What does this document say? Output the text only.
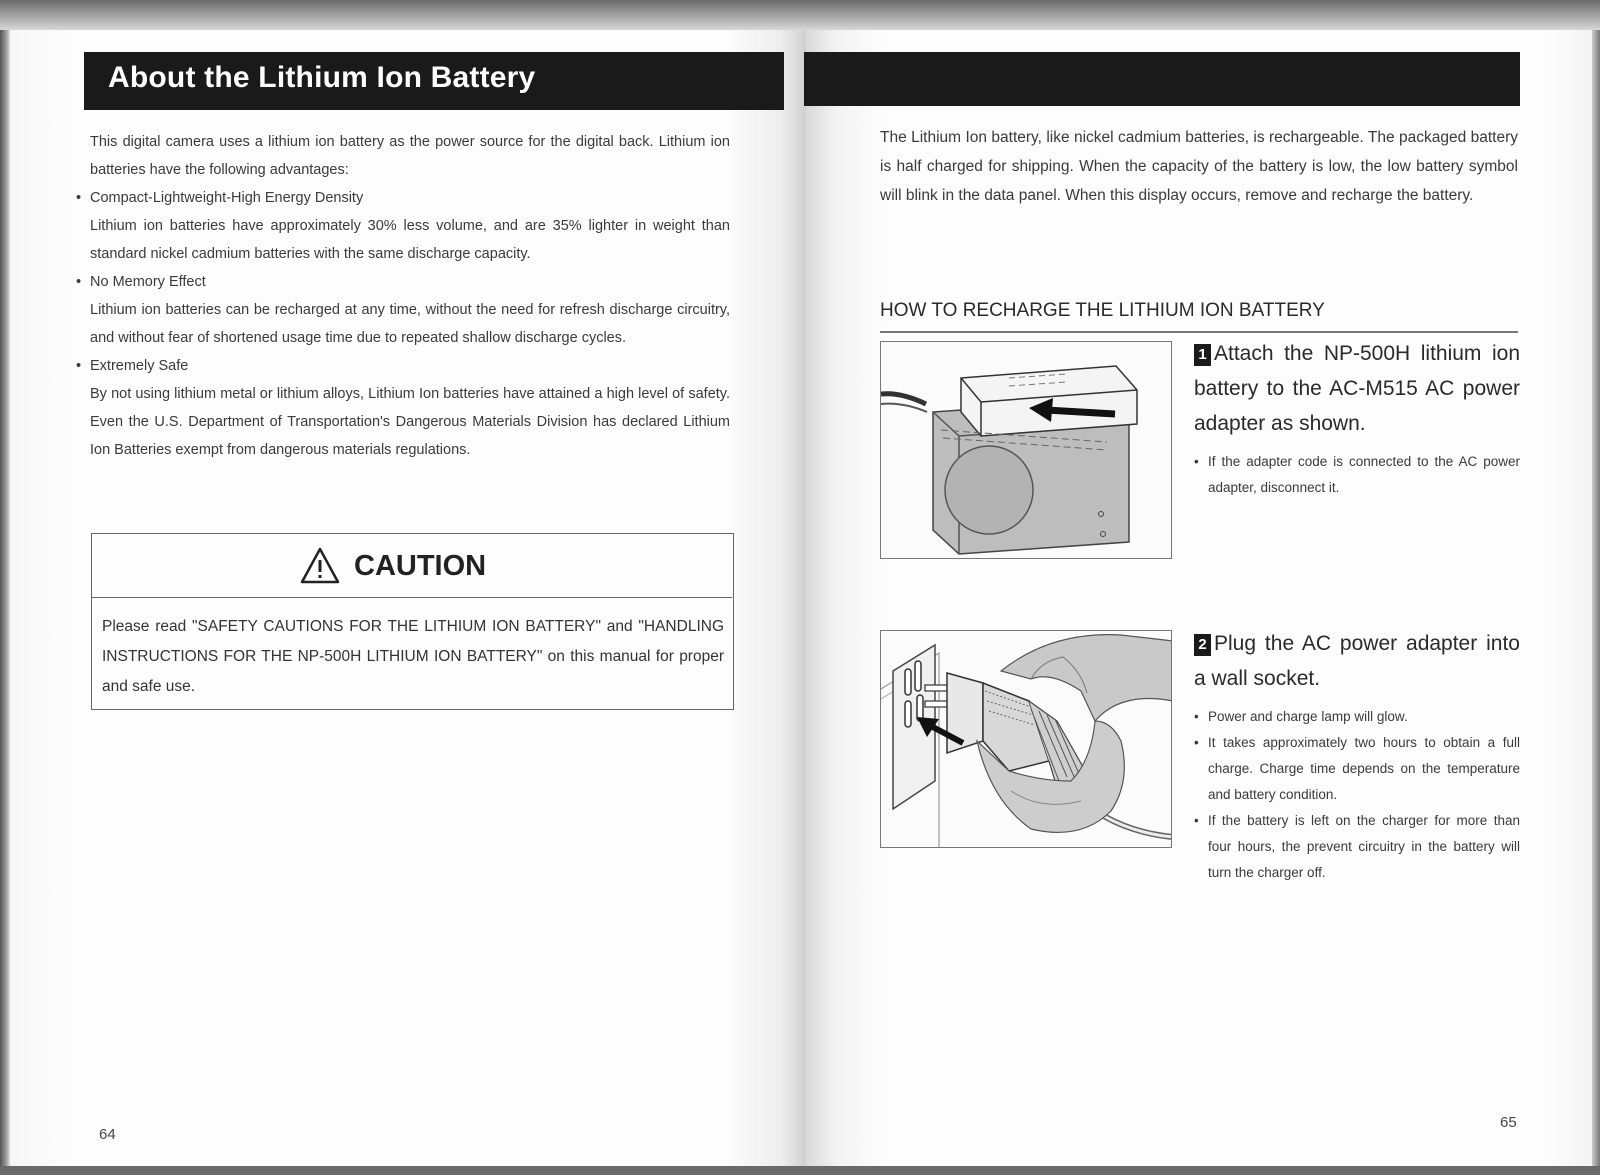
About the Lithium Ion Battery

This digital camera uses a lithium ion battery as the power source for the digital back. Lithium ion batteries have the following advantages:

• Compact-Lightweight-High Energy Density

Lithium ion batteries have approximately 30% less volume, and are 35% lighter in weight than standard nickel cadmium batteries with the same discharge capacity.

• No Memory Effect

Lithium ion batteries can be recharged at any time, without the need for refresh discharge circuitry, and without fear of shortened usage time due to repeated shallow discharge cycles.

• Extremely Safe

By not using lithium metal or lithium alloys, Lithium Ion batteries have attained a high level of safety. Even the U.S. Department of Transportation's Dangerous Materials Division has declared Lithium Ion Batteries exempt from dangerous materials regulations.

CAUTION
Please read "SAFETY CAUTIONS FOR THE LITHIUM ION BATTERY" and "HANDLING INSTRUCTIONS FOR THE NP-500H LITHIUM ION BATTERY" on this manual for proper and safe use.
64
The Lithium Ion battery, like nickel cadmium batteries, is rechargeable. The packaged battery is half charged for shipping. When the capacity of the battery is low, the low battery symbol will blink in the data panel. When this display occurs, remove and recharge the battery.
HOW TO RECHARGE THE LITHIUM ION BATTERY
1 Attach the NP-500H lithium ion battery to the AC-M515 AC power adapter as shown.

• If the adapter code is connected to the AC power adapter, disconnect it.

2 Plug the AC power adapter into a wall socket.

• Power and charge lamp will glow.

• It takes approximately two hours to obtain a full charge. Charge time depends on the temperature and battery condition.

• If the battery is left on the charger for more than four hours, the prevent circuitry in the battery will turn the charger off.

65
